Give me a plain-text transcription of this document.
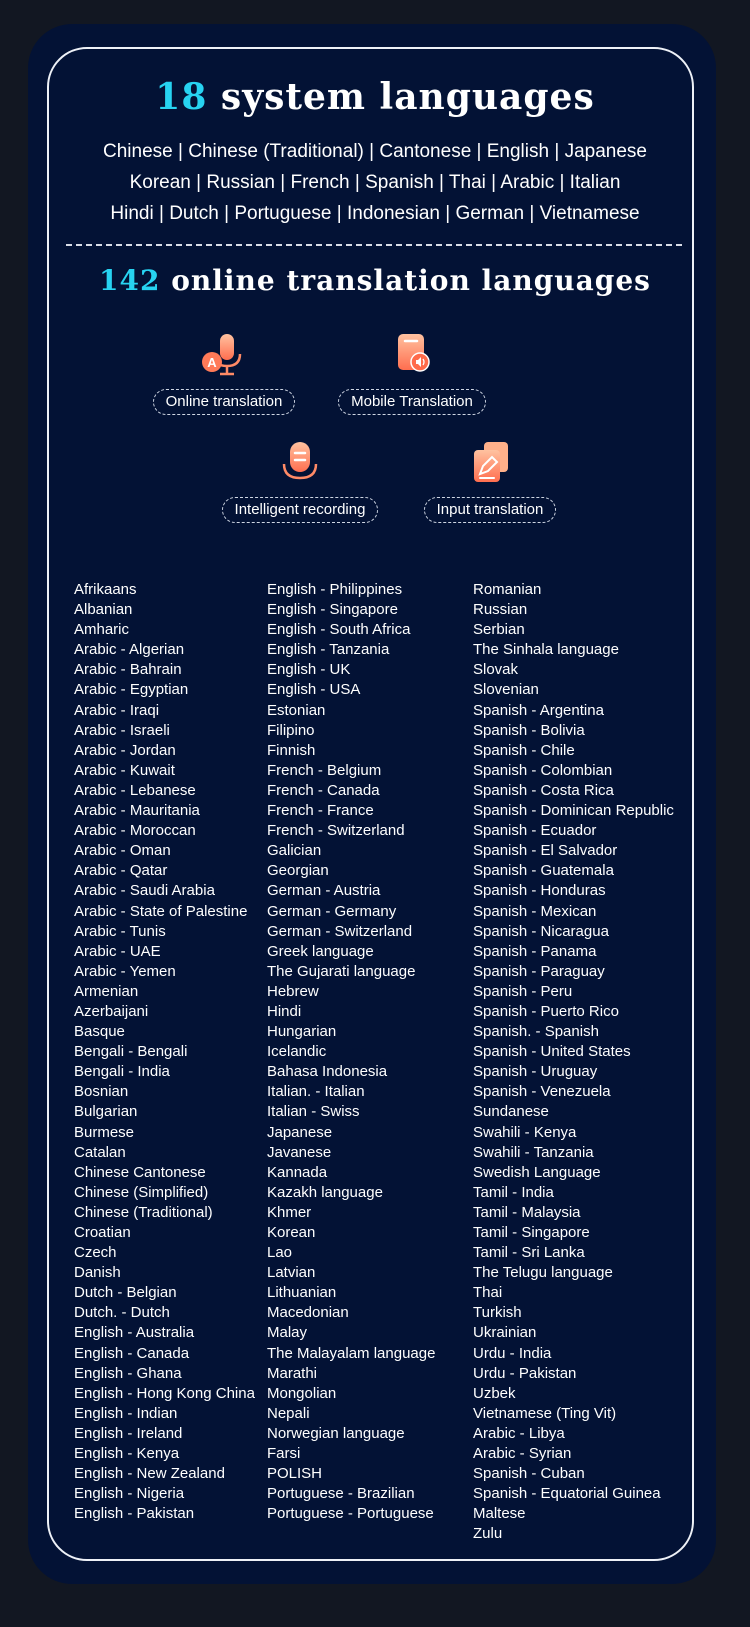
18 system languages
Chinese | Chinese (Traditional) | Cantonese | English | Japanese
Korean | Russian | French | Spanish | Thai | Arabic | Italian
Hindi | Dutch | Portuguese | Indonesian | German | Vietnamese
142 online translation languages
A
Online translation	Mobile Translation
Intelligent recording	Input translation
Afrikaans
Albanian
Amharic
Arabic - Algerian
Arabic - Bahrain
Arabic - Egyptian
Arabic - Iraqi
Arabic - Israeli
Arabic - Jordan
Arabic - Kuwait
Arabic - Lebanese
Arabic - Mauritania
Arabic - Moroccan
Arabic - Oman
Arabic - Qatar
Arabic - Saudi Arabia
Arabic - State of Palestine
Arabic - Tunis
Arabic - UAE
Arabic - Yemen
Armenian
Azerbaijani
Basque
Bengali - Bengali
Bengali - India
Bosnian
Bulgarian
Burmese
Catalan
Chinese Cantonese
Chinese (Simplified)
Chinese (Traditional)
Croatian
Czech
Danish
Dutch - Belgian
Dutch. - Dutch
English - Australia
English - Canada
English - Ghana
English - Hong Kong China
English - Indian
English - Ireland
English - Kenya
English - New Zealand
English - Nigeria
English - Pakistan
English - Philippines
English - Singapore
English - South Africa
English - Tanzania
English - UK
English - USA
Estonian
Filipino
Finnish
French - Belgium
French - Canada
French - France
French - Switzerland
Galician
Georgian
German - Austria
German - Germany
German - Switzerland
Greek language
The Gujarati language
Hebrew
Hindi
Hungarian
Icelandic
Bahasa Indonesia
Italian. - Italian
Italian - Swiss
Japanese
Javanese
Kannada
Kazakh language
Khmer
Korean
Lao
Latvian
Lithuanian
Macedonian
Malay
The Malayalam language
Marathi
Mongolian
Nepali
Norwegian language
Farsi
POLISH
Portuguese - Brazilian
Portuguese - Portuguese
Romanian
Russian
Serbian
The Sinhala language
Slovak
Slovenian
Spanish - Argentina
Spanish - Bolivia
Spanish - Chile
Spanish - Colombian
Spanish - Costa Rica
Spanish - Dominican Republic
Spanish - Ecuador
Spanish - El Salvador
Spanish - Guatemala
Spanish - Honduras
Spanish - Mexican
Spanish - Nicaragua
Spanish - Panama
Spanish - Paraguay
Spanish - Peru
Spanish - Puerto Rico
Spanish. - Spanish
Spanish - United States
Spanish - Uruguay
Spanish - Venezuela
Sundanese
Swahili - Kenya
Swahili - Tanzania
Swedish Language
Tamil - India
Tamil - Malaysia
Tamil - Singapore
Tamil - Sri Lanka
The Telugu language
Thai
Turkish
Ukrainian
Urdu - India
Urdu - Pakistan
Uzbek
Vietnamese (Ting Vit)
Arabic - Libya
Arabic - Syrian
Spanish - Cuban
Spanish - Equatorial Guinea
Maltese
Zulu
